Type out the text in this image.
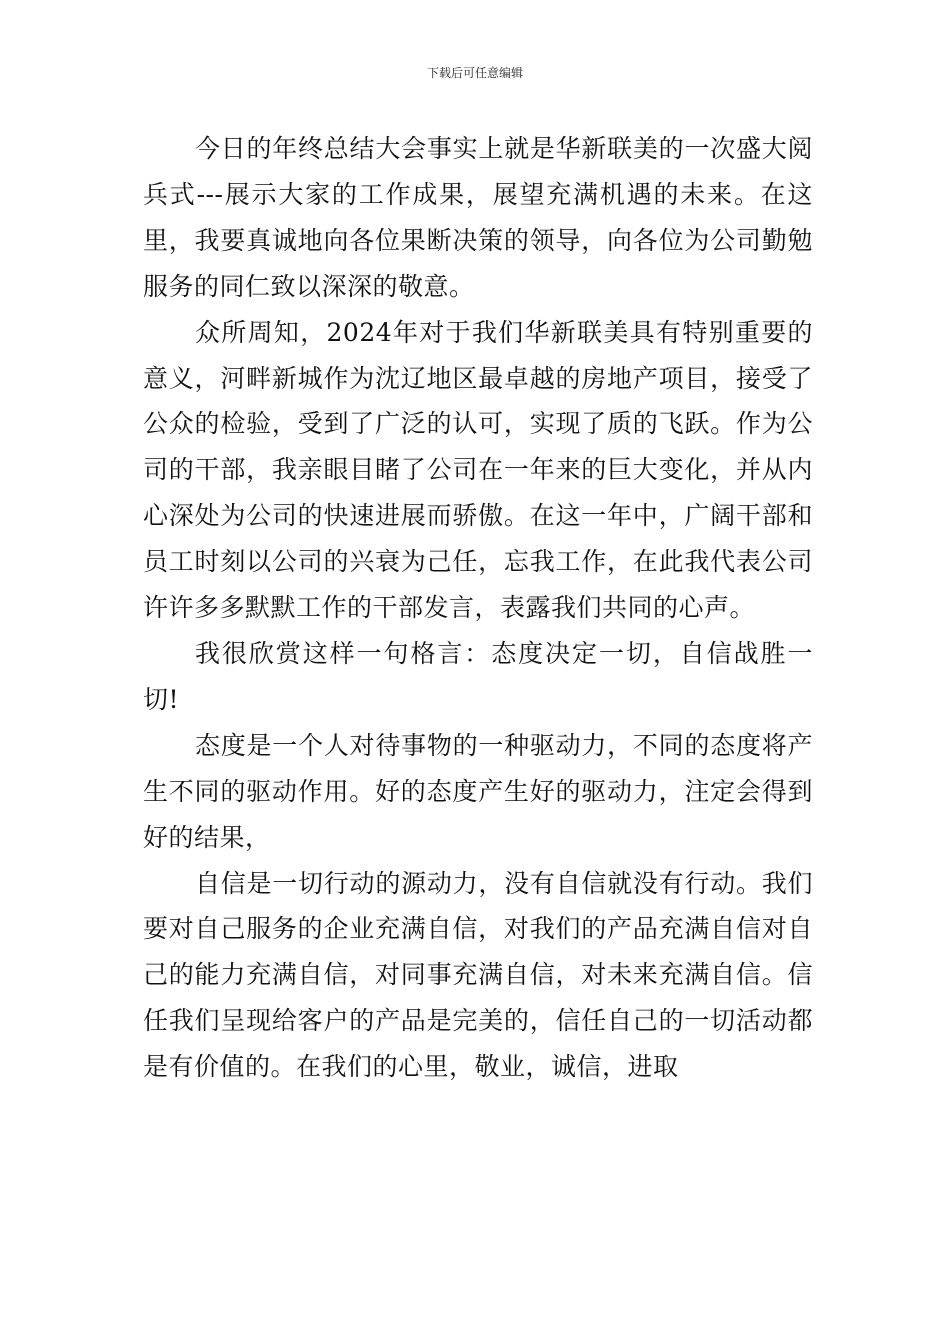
下载后可任意编辑

今日的年终总结大会事实上就是华新联美的一次盛大阅兵式---展示大家的工作成果，展望充满机遇的未来。在这里，我要真诚地向各位果断决策的领导，向各位为公司勤勉服务的同仁致以深深的敬意。

众所周知，2024年对于我们华新联美具有特别重要的意义，河畔新城作为沈辽地区最卓越的房地产项目，接受了公众的检验，受到了广泛的认可，实现了质的飞跃。作为公司的干部，我亲眼目睹了公司在一年来的巨大变化，并从内心深处为公司的快速进展而骄傲。在这一年中，广阔干部和员工时刻以公司的兴衰为己任，忘我工作，在此我代表公司许许多多默默工作的干部发言，表露我们共同的心声。

我很欣赏这样一句格言：态度决定一切，自信战胜一切!

态度是一个人对待事物的一种驱动力，不同的态度将产生不同的驱动作用。好的态度产生好的驱动力，注定会得到好的结果，

自信是一切行动的源动力，没有自信就没有行动。我们要对自己服务的企业充满自信，对我们的产品充满自信对自己的能力充满自信，对同事充满自信，对未来充满自信。信任我们呈现给客户的产品是完美的，信任自己的一切活动都是有价值的。在我们的心里，敬业，诚信，进取
